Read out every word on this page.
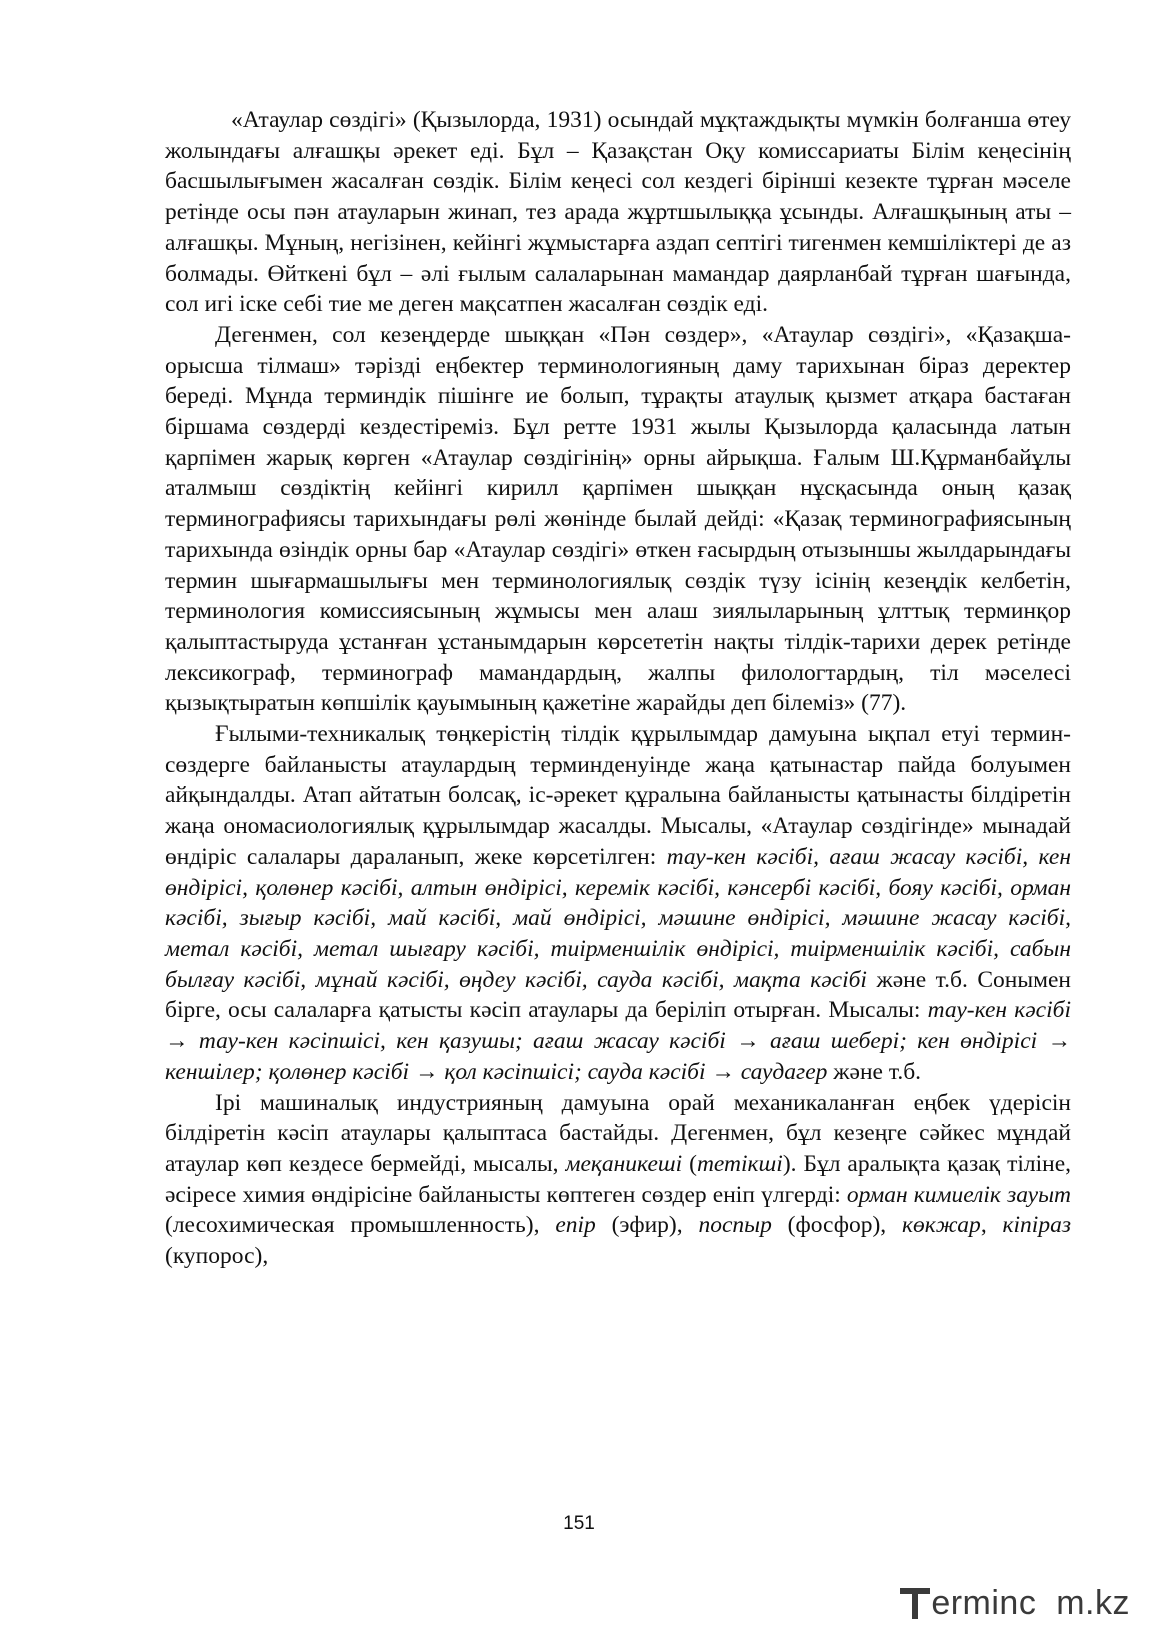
«Атаулар сөздігі» (Қызылорда, 1931) осындай мұқтаждықты мүмкін болғанша өтеу жолындағы алғашқы әрекет еді. Бұл – Қазақстан Оқу комиссариаты Білім кеңесінің басшылығымен жасалған сөздік. Білім кеңесі сол кездегі бірінші кезекте тұрған мәселе ретінде осы пән атауларын жинап, тез арада жұртшылыққа ұсынды. Алғашқының аты – алғашқы. Мұның, негізінен, кейінгі жұмыстарға аздап септігі тигенмен кемшіліктері де аз болмады. Өйткені бұл – әлі ғылым салаларынан мамандар даярланбай тұрған шағында, сол игі іске себі тие ме деген мақсатпен жасалған сөздік еді.

Дегенмен, сол кезеңдерде шыққан «Пән сөздер», «Атаулар сөздігі», «Қазақша-орысша тілмаш» тәрізді еңбектер терминологияның даму тарихынан біраз деректер береді. Мұнда терминдік пішінге ие болып, тұрақты атаулық қызмет атқара бастаған біршама сөздерді кездестіреміз. Бұл ретте 1931 жылы Қызылорда қаласында латын қарпімен жарық көрген «Атаулар сөздігінің» орны айрықша. Ғалым Ш.Құрманбайұлы аталмыш сөздіктің кейінгі кирилл қарпімен шыққан нұсқасында оның қазақ терминографиясы тарихындағы рөлі жөнінде былай дейді: «Қазақ терминографиясының тарихында өзіндік орны бар «Атаулар сөздігі» өткен ғасырдың отызыншы жылдарындағы термин шығармашылығы мен терминологиялық сөздік түзу ісінің кезеңдік келбетін, терминология комиссиясының жұмысы мен алаш зиялыларының ұлттық терминқор қалыптастыруда ұстанған ұстанымдарын көрсететін нақты тілдік-тарихи дерек ретінде лексикограф, терминограф мамандардың, жалпы филологтардың, тіл мәселесі қызықтыратын көпшілік қауымының қажетіне жарайды деп білеміз» (77).

Ғылыми-техникалық төңкерістің тілдік құрылымдар дамуына ықпал етуі термин-сөздерге байланысты атаулардың терминденуінде жаңа қатынастар пайда болуымен айқындалды. Атап айтатын болсақ, іс-әрекет құралына байланысты қатынасты білдіретін жаңа ономасиологиялық құрылымдар жасалды. Мысалы, «Атаулар сөздігінде» мынадай өндіріс салалары дараланып, жеке көрсетілген: тау-кен кәсібі, ағаш жасау кәсібі, кен өндірісі, қолөнер кәсібі, алтын өндірісі, керемік кәсібі, кәнсербі кәсібі, бояу кәсібі, орман кәсібі, зығыр кәсібі, май кәсібі, май өндірісі, мәшине өндірісі, мәшине жасау кәсібі, метал кәсібі, метал шығару кәсібі, тиірменшілік өндірісі, тиірменшілік кәсібі, сабын былғау кәсібі, мұнай кәсібі, өңдеу кәсібі, сауда кәсібі, мақта кәсібі және т.б. Сонымен бірге, осы салаларға қатысты кәсіп атаулары да беріліп отырған. Мысалы: тау-кен кәсібі → тау-кен кәсіпшісі, кен қазушы; ағаш жасау кәсібі → ағаш шебері; кен өндірісі → кеншілер; қолөнер кәсібі → қол кәсіпшісі; сауда кәсібі → саудагер және т.б.

Ірі машиналық индустрияның дамуына орай механикаланған еңбек үдерісін білдіретін кәсіп атаулары қалыптаса бастайды. Дегенмен, бұл кезеңге сәйкес мұндай атаулар көп кездесе бермейді, мысалы, меқаникеші (тетікші). Бұл аралықта қазақ тіліне, әсіресе химия өндірісіне байланысты көптеген сөздер еніп үлгерді: орман кимиелік зауыт (лесохимическая промышленность), епір (эфир), поспыр (фосфор), көкжар, кіпіраз (купорос),

151
erminc  m.kz
